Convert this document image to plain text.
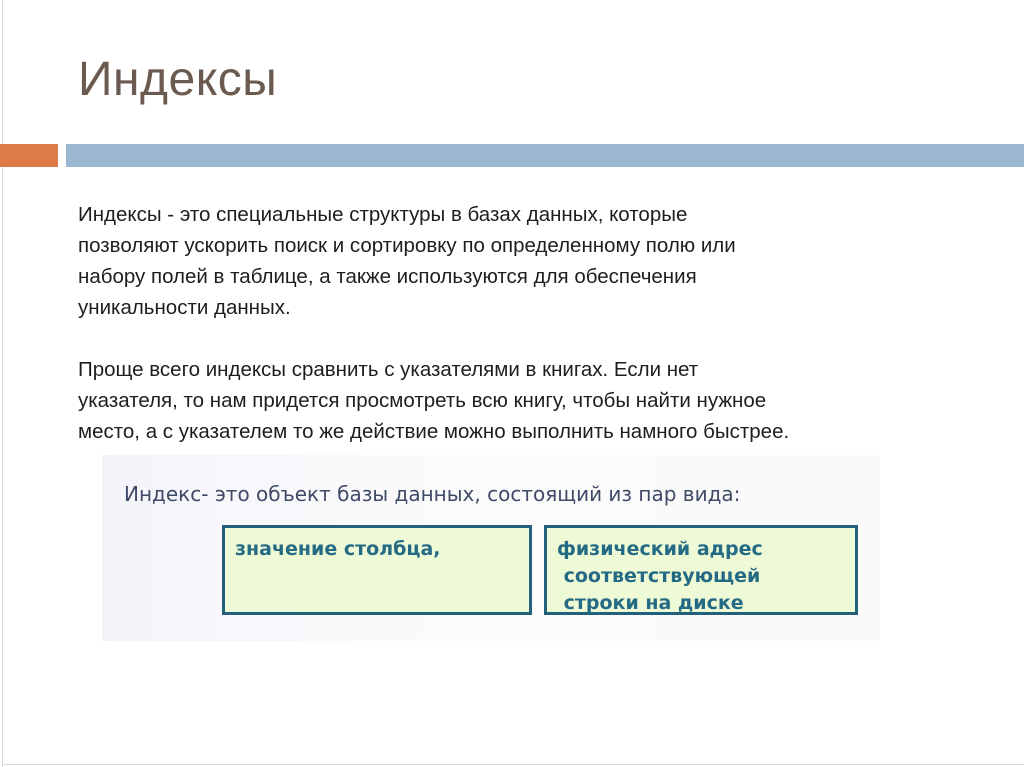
Индексы

Индексы - это специальные структуры в базах данных, которые
позволяют ускорить поиск и сортировку по определенному полю или
набору полей в таблице, а также используются для обеспечения
уникальности данных.

Проще всего индексы сравнить с указателями в книгах. Если нет
указателя, то нам придется просмотреть всю книгу, чтобы найти нужное
место, а с указателем то же действие можно выполнить намного быстрее.

Индекс- это объект базы данных, состоящий из пар вида:
значение столбца,	физический адрес
соответствующей
строки на диске
